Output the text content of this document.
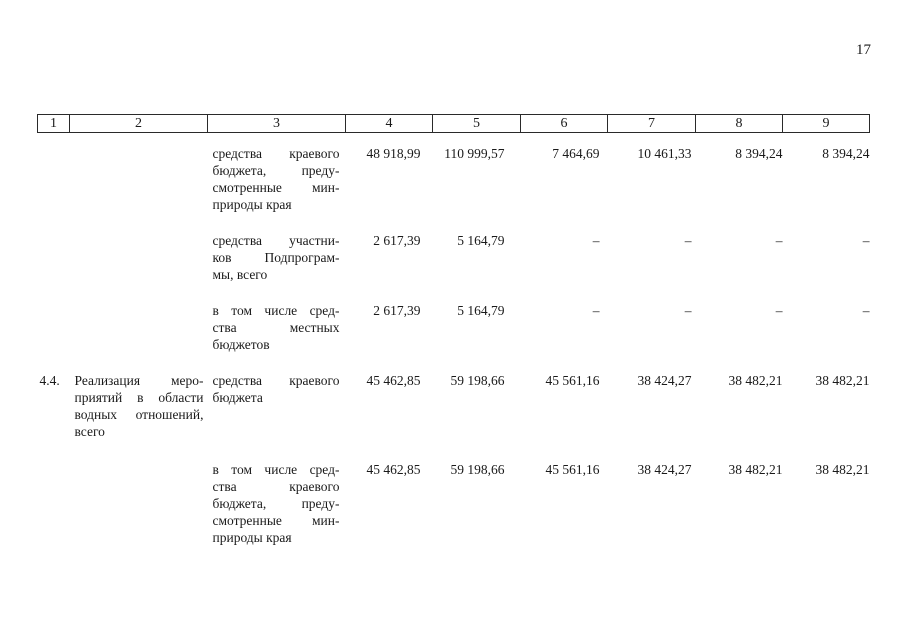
17
1	2	3	4	5	6	7	8	9

		средства краевого
бюджета, преду-
смотренные мин-
природы края	48 918,99	110 999,57	7 464,69	10 461,33	8 394,24	8 394,24

		средства участни-
ков Подпрограм-
мы, всего	2 617,39	5 164,79	–	–	–	–

		в том числе сред-
ства местных
бюджетов	2 617,39	5 164,79	–	–	–	–
4.4.	Реализация меро-
приятий в области
водных отношений,
всего	средства краевого
бюджета	45 462,85	59 198,66	45 561,16	38 424,27	38 482,21	38 482,21

		в том числе сред-
ства краевого
бюджета, преду-
смотренные мин-
природы края	45 462,85	59 198,66	45 561,16	38 424,27	38 482,21	38 482,21
